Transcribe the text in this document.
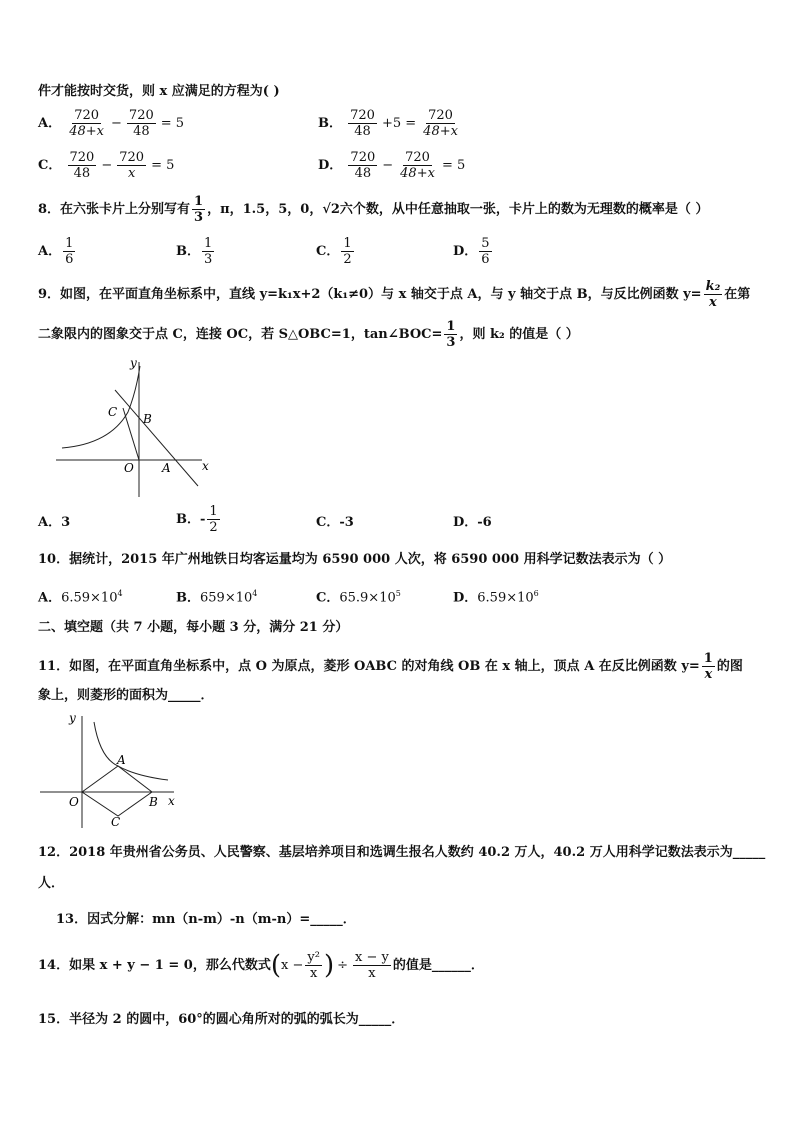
件才能按时交货，则 x 应满足的方程为( )
A． $\frac{720}{48+x} - \frac{720}{48} = 5$	B． $\frac{720}{48} +5 = \frac{720}{48+x}$
C． $\frac{720}{48} - \frac{720}{x} = 5$	D． $\frac{720}{48} - \frac{720}{48+x} = 5$
8．在六张卡片上分别写有 $\frac{1}{3}$ ，π，1.5，5，0，√2六个数，从中任意抽取一张，卡片上的数为无理数的概率是（ ）
A． $\frac{1}{6}$	B． $\frac{1}{3}$	C． $\frac{1}{2}$	D． $\frac{5}{6}$
9．如图，在平面直角坐标系中，直线 y=k₁x+2（k₁≠0）与 x 轴交于点 A，与 y 轴交于点 B，与反比例函数 $y= \frac{\text{k₂}}{x}$ 在第
二象限内的图象交于点 C，连接 OC，若 S△OBC=1，tan∠BOC= $\frac{1}{3}$ ，则 k₂ 的值是（ ）
y
x
C B
O A
A．3	B．- $\frac{1}{2}$	C．-3	D．-6
10．据统计，2015 年广州地铁日均客运量均为 6590 000 人次，将 6590 000 用科学记数法表示为（ ）
A．$6.59\times 10^4$	B．$659\times 10^4$	C．$65.9\times 10^5$	D．$6.59\times 10^6$
二、填空题（共 7 小题，每小题 3 分，满分 21 分）
11．如图，在平面直角坐标系中，点 O 为原点，菱形 OABC 的对角线 OB 在 x 轴上，顶点 A 在反比例函数 $y= \frac{1}{x}$ 的图
象上，则菱形的面积为_____．
y
x
A
O	B
C
12．2018 年贵州省公务员、人民警察、基层培养项目和选调生报名人数约 40.2 万人，40.2 万人用科学记数法表示为_____
人．
13．因式分解：mn（n-m）-n（m-n）=_____．
14．如果 x + y − 1 = 0，那么代数式($x - \frac{\text{y²}}{x}$ ) ÷ $\frac{x - y}{x}$ 的值是______．
15．半径为 2 的圆中，60°的圆心角所对的弧的弧长为_____．
